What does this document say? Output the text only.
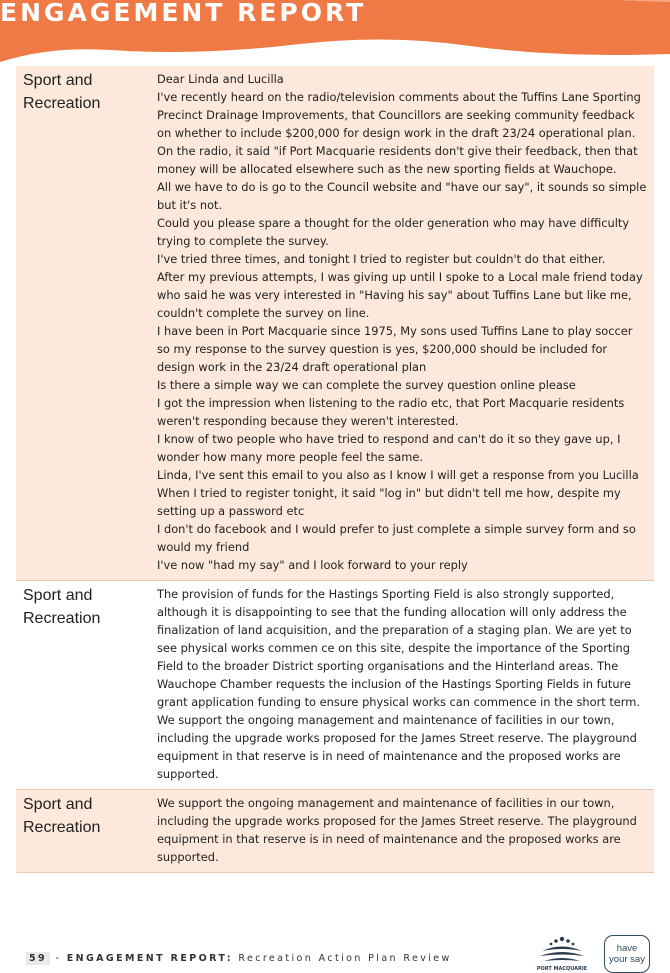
ENGAGEMENT REPORT
Sport and
Recreation

Dear Linda and Lucilla

I've recently heard on the radio/television comments about the Tuffins Lane Sporting Precinct Drainage Improvements, that Councillors are seeking community feedback on whether to include $200,000 for design work in the draft 23/24 operational plan.

On the radio, it said "if Port Macquarie residents don't give their feedback, then that money will be allocated elsewhere such as the new sporting fields at Wauchope.

All we have to do is go to the Council website and "have our say", it sounds so simple but it's not.

Could you please spare a thought for the older generation who may have difficulty trying to complete the survey.

I've tried three times, and tonight I tried to register but couldn't do that either.

After my previous attempts, I was giving up until I spoke to a Local male friend today who said he was very interested in "Having his say" about Tuffins Lane but like me, couldn't complete the survey on line.

I have been in Port Macquarie since 1975, My sons used Tuffins Lane to play soccer so my response to the survey question is yes, $200,000 should be included for design work in the 23/24 draft operational plan

Is there a simple way we can complete the survey question online please

I got the impression when listening to the radio etc, that Port Macquarie residents weren't responding because they weren't interested.

I know of two people who have tried to respond and can't do it so they gave up, I wonder how many more people feel the same.

Linda, I've sent this email to you also as I know I will get a response from you Lucilla

When I tried to register tonight, it said "log in" but didn't tell me how, despite my setting up a password etc

I don't do facebook and I would prefer to just complete a simple survey form and so would my friend

I've now "had my say" and I look forward to your reply

Sport and
Recreation

The provision of funds for the Hastings Sporting Field is also strongly supported, although it is disappointing to see that the funding allocation will only address the finalization of land acquisition, and the preparation of a staging plan. We are yet to see physical works commen ce on this site, despite the importance of the Sporting Field to the broader District sporting organisations and the Hinterland areas. The Wauchope Chamber requests the inclusion of the Hastings Sporting Fields in future grant application funding to ensure physical works can commence in the short term.

We support the ongoing management and maintenance of facilities in our town, including the upgrade works proposed for the James Street reserve. The playground equipment in that reserve is in need of maintenance and the proposed works are supported.

Sport and
Recreation

We support the ongoing management and maintenance of facilities in our town, including the upgrade works proposed for the James Street reserve. The playground equipment in that reserve is in need of maintenance and the proposed works are supported.

59 - ENGAGEMENT REPORT: Recreation Action Plan Review
PORT MACQUARIE
have
your say
